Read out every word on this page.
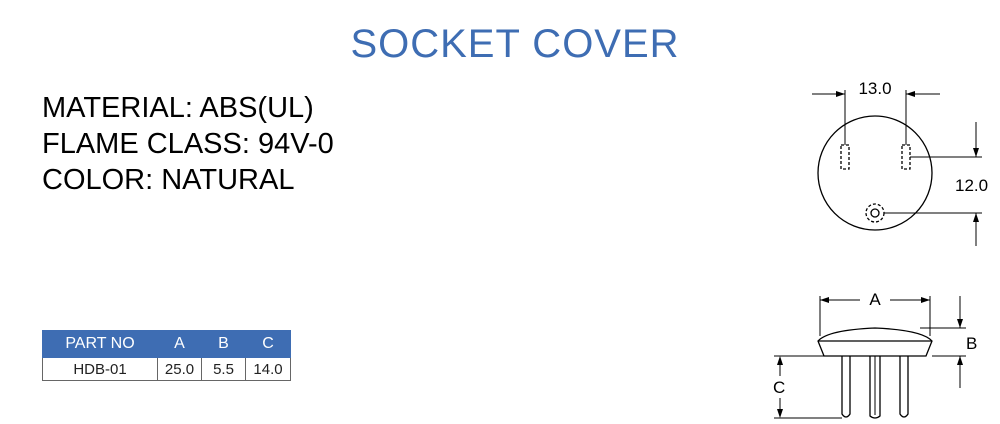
SOCKET COVER
MATERIAL: ABS(UL)
FLAME CLASS: 94V-0
COLOR: NATURAL
PART NO	A	B	C
HDB-01	25.0	5.5	14.0
13.0
12.0
A
B
C
